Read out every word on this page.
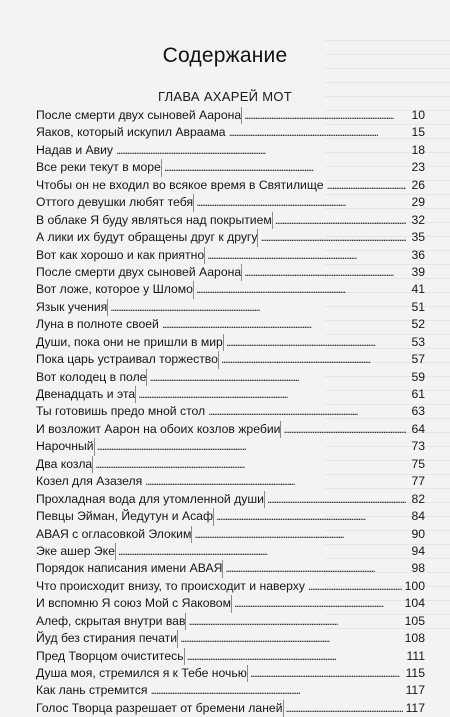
Содержание
ГЛАВА АХАРЕЙ МОТ
После смерти двух сыновей Аарона . . .	10
Яаков, который искупил Авраама . . .	15
Надав и Авиу . . .	18
Все реки текут в море . . .	23
Чтобы он не входил во всякое время в Святилище . . .	26
Оттого девушки любят тебя . . .	29
В облаке Я буду являться над покрытием . . .	32
А лики их будут обращены друг к другу . . .	35
Вот как хорошо и как приятно . . .	36
После смерти двух сыновей Аарона . . .	39
Вот ложе, которое у Шломо . . .	41
Язык учения . . .	51
Луна в полноте своей . . .	52
Души, пока они не пришли в мир . . .	53
Пока царь устраивал торжество . . .	57
Вот колодец в поле . . .	59
Двенадцать и эта . . .	61
Ты готовишь предо мной стол . . .	63
И возложит Аарон на обоих козлов жребии . . .	64
Нарочный . . .	73
Два козла . . .	75
Козел для Азазеля . . .	77
Прохладная вода для утомленной души . . .	82
Певцы Эйман, Йедутун и Асаф . . .	84
АВАЯ с огласовкой Элоким . . .	90
Эке ашер Эке . . .	94
Порядок написания имени АВАЯ . . .	98
Что происходит внизу, то происходит и наверху . . .	100
И вспомню Я союз Мой с Яаковом . . .	104
Алеф, скрытая внутри вав . . .	105
Йуд без стирания печати . . .	108
Пред Творцом очиститесь . . .	111
Душа моя, стремился я к Тебе ночью . . .	115
Как лань стремится . . .	117
Голос Творца разрешает от бремени ланей . . .	117
